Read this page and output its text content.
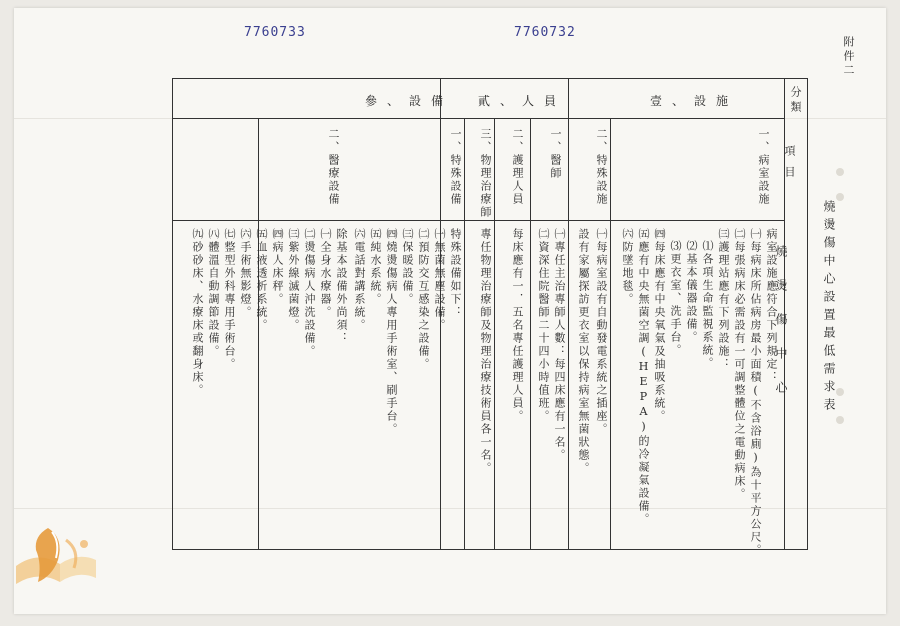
7760733	7760732
附件二
燒燙傷中心設置最低需求表
分類
項目
燒燙傷中心
壹、設施
貳、人員
參、設備
一、病室設施
二、特殊設施
一、醫師
二、護理人員
三、物理治療師
一、特殊設備
二、醫療設備
病室設施應符合下列規定：
㈠每病床所佔病房最小面積(不含浴廁)為十平方公尺。
㈡每張病床必需設有一可調整體位之電動病床。
㈢護理站應有下列設施：
⑴各項生命監視系統。
⑵基本儀器設備。
⑶更衣室、洗手台。
㈣每床應有中央氧氣及抽吸系統。
㈤應有中央無菌空調(HEPA)的冷凝氣設備。
㈥防墜地毯。
㈠每病室設有自動發電系統之插座。
設有家屬探訪更衣室以保持病室無菌狀態。
㈠專任主治專師人數：每四床應有一名。
㈡資深住院醫師二十四小時值班。
每床應有一．五名專任護理人員。
專任物理治療師及物理治療技術員各一名。
特殊設備如下：
㈠無菌無塵設備。
㈡預防交互感染之設備。
㈢保暖設備。
㈣燒燙傷病人專用手術室、刷手台。
㈤純水系統。
㈥電話對講系統。
除基本設備外尚須：
㈠全身水療器。
㈡燙傷病人沖洗設備。
㈢紫外線滅菌燈。
㈣病人床秤。
㈤血液透析系統。
㈥手術無影燈。
㈦整型外科專用手術台。
㈧體溫自動調節設備。
㈨砂砂床、水療床或翻身床。
